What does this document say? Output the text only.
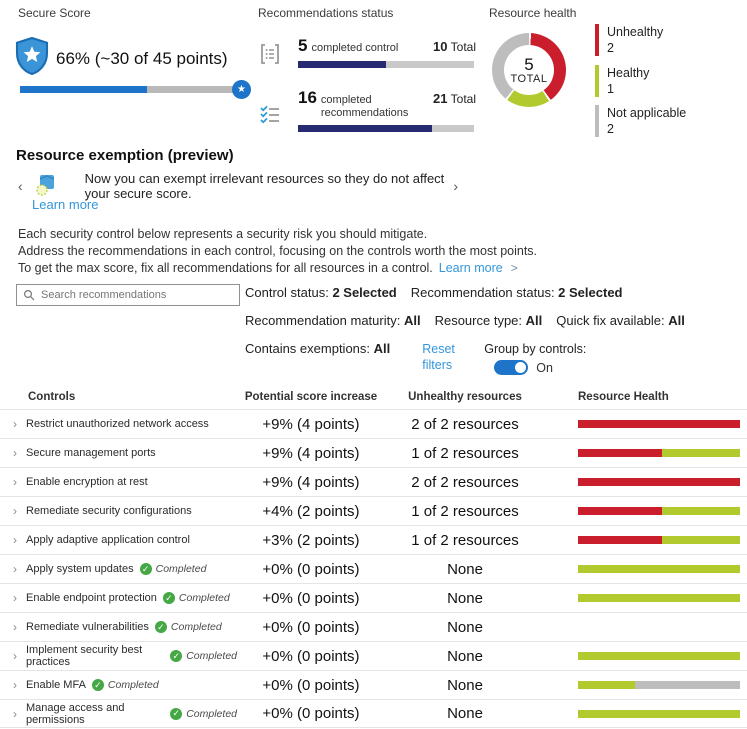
Secure Score	Recommendations status	Resource health
66% (~30 of 45 points)
★
5 completed control	10 Total
16 completed recommendations
21 Total
5
TOTAL
Unhealthy
2
Healthy
1
Not applicable
2
Resource exemption (preview)
‹	Now you can exempt irrelevant resources so they do not affect your secure score.	›
Learn more
Each security control below represents a security risk you should mitigate.
Address the recommendations in each control, focusing on the controls worth the most points.
To get the max score, fix all recommendations for all resources in a control. Learn more >
Search recommendations
Control status: 2 Selected Recommendation status: 2 Selected
Recommendation maturity: All Resource type: All Quick fix available: All
Contains exemptions: All	Reset filters
Group by controls:
On
Controls	Potential score increase	Unhealthy resources	Resource Health
› Restrict unauthorized network access	+9% (4 points)	2 of 2 resources
› Secure management ports	+9% (4 points)	1 of 2 resources
› Enable encryption at rest	+9% (4 points)	2 of 2 resources
› Remediate security configurations	+4% (2 points)	1 of 2 resources
› Apply adaptive application control	+3% (2 points)	1 of 2 resources
› Apply system updates ✓ Completed	+0% (0 points)	None
› Enable endpoint protection ✓ Completed	+0% (0 points)	None
› Remediate vulnerabilities ✓ Completed	+0% (0 points)	None
› Implement security best practices
✓ Completed	+0% (0 points)	None
› Enable MFA ✓ Completed	+0% (0 points)	None
› Manage access and permissions
✓ Completed	+0% (0 points)	None
